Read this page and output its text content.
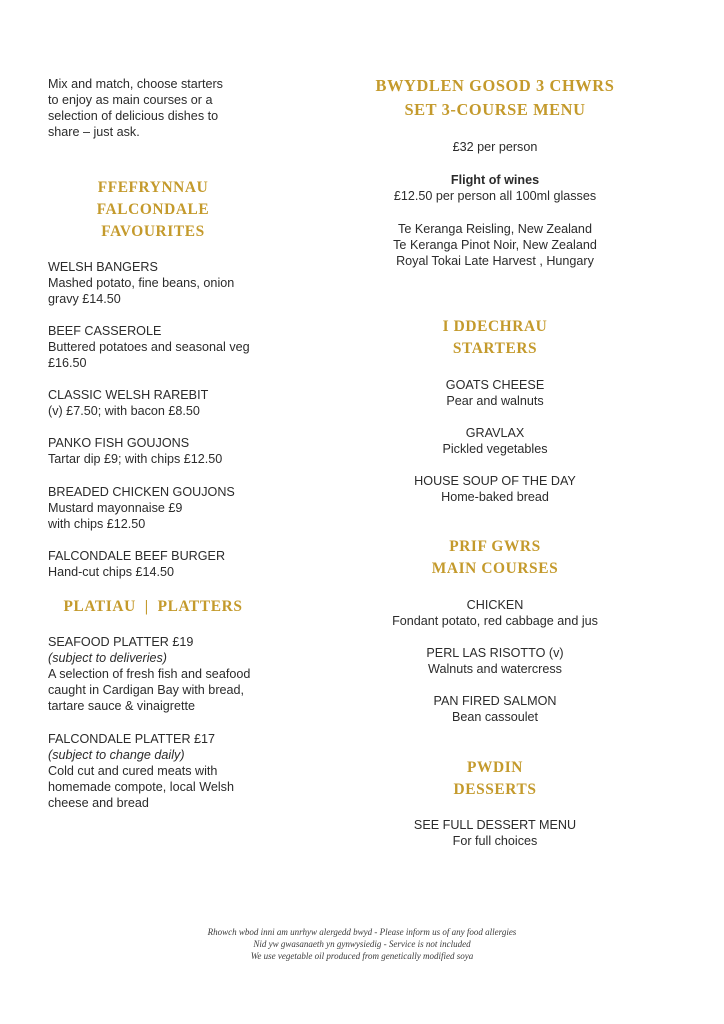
Mix and match, choose starters
to enjoy as main courses or a
selection of delicious dishes to
share – just ask.

FFEFRYNNAU
FALCONDALE
FAVOURITES
WELSH BANGERS
Mashed potato, fine beans, onion
gravy £14.50
BEEF CASSEROLE
Buttered potatoes and seasonal veg
£16.50
CLASSIC WELSH RAREBIT
(v) £7.50; with bacon £8.50
PANKO FISH GOUJONS
Tartar dip £9; with chips £12.50
BREADED CHICKEN GOUJONS
Mustard mayonnaise £9
with chips £12.50
FALCONDALE BEEF BURGER
Hand-cut chips £14.50
PLATIAU  |  PLATTERS
SEAFOOD PLATTER £19
(subject to deliveries)
A selection of fresh fish and seafood
caught in Cardigan Bay with bread,
tartare sauce & vinaigrette
FALCONDALE PLATTER £17
(subject to change daily)
Cold cut and cured meats with
homemade compote, local Welsh
cheese and bread
BWYDLEN GOSOD 3 CHWRS
SET 3-COURSE MENU
£32 per person
Flight of wines
£12.50 per person all 100ml glasses
Te Keranga Reisling, New Zealand
Te Keranga Pinot Noir, New Zealand
Royal Tokai Late Harvest , Hungary
I DDECHRAU
STARTERS
GOATS CHEESE
Pear and walnuts
GRAVLAX
Pickled vegetables
HOUSE SOUP OF THE DAY
Home-baked bread
PRIF GWRS
MAIN COURSES
CHICKEN
Fondant potato, red cabbage and jus
PERL LAS RISOTTO (v)
Walnuts and watercress
PAN FIRED SALMON
Bean cassoulet
PWDIN
DESSERTS
SEE FULL DESSERT MENU
For full choices
Rhowch wbod inni am unrhyw alergedd bwyd - Please inform us of any food allergies
Nid yw gwasanaeth yn gynwysiedig - Service is not included
We use vegetable oil produced from genetically modified soya
